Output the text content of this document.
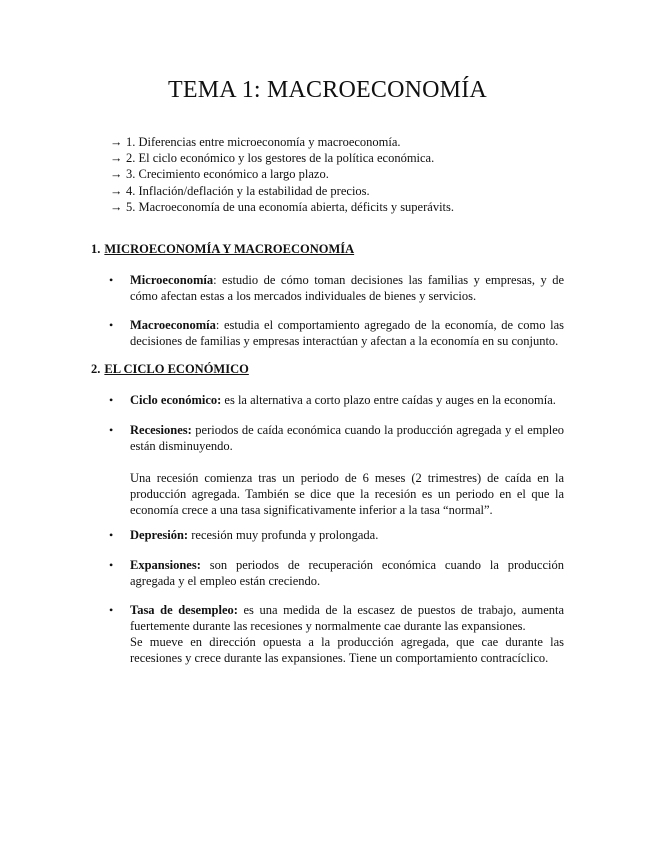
TEMA 1: MACROECONOMÍA
→ 1. Diferencias entre microeconomía y macroeconomía.
→ 2. El ciclo económico y los gestores de la política económica.
→ 3. Crecimiento económico a largo plazo.
→ 4. Inflación/deflación y la estabilidad de precios.
→ 5. Macroeconomía de una economía abierta, déficits y superávits.
1. MICROECONOMÍA Y MACROECONOMÍA
• Microeconomía: estudio de cómo toman decisiones las familias y empresas, y de cómo afectan estas a los mercados individuales de bienes y servicios.

• Macroeconomía: estudia el comportamiento agregado de la economía, de como las decisiones de familias y empresas interactúan y afectan a la economía en su conjunto.

2. EL CICLO ECONÓMICO
• Ciclo económico: es la alternativa a corto plazo entre caídas y auges en la economía.

• Recesiones: periodos de caída económica cuando la producción agregada y el empleo están disminuyendo.

Una recesión comienza tras un periodo de 6 meses (2 trimestres) de caída en la producción agregada. También se dice que la recesión es un periodo en el que la economía crece a una tasa significativamente inferior a la tasa “normal”.

• Depresión: recesión muy profunda y prolongada.

• Expansiones: son periodos de recuperación económica cuando la producción agregada y el empleo están creciendo.

• Tasa de desempleo: es una medida de la escasez de puestos de trabajo, aumenta fuertemente durante las recesiones y normalmente cae durante las expansiones.

Se mueve en dirección opuesta a la producción agregada, que cae durante las recesiones y crece durante las expansiones. Tiene un comportamiento contracíclico.
